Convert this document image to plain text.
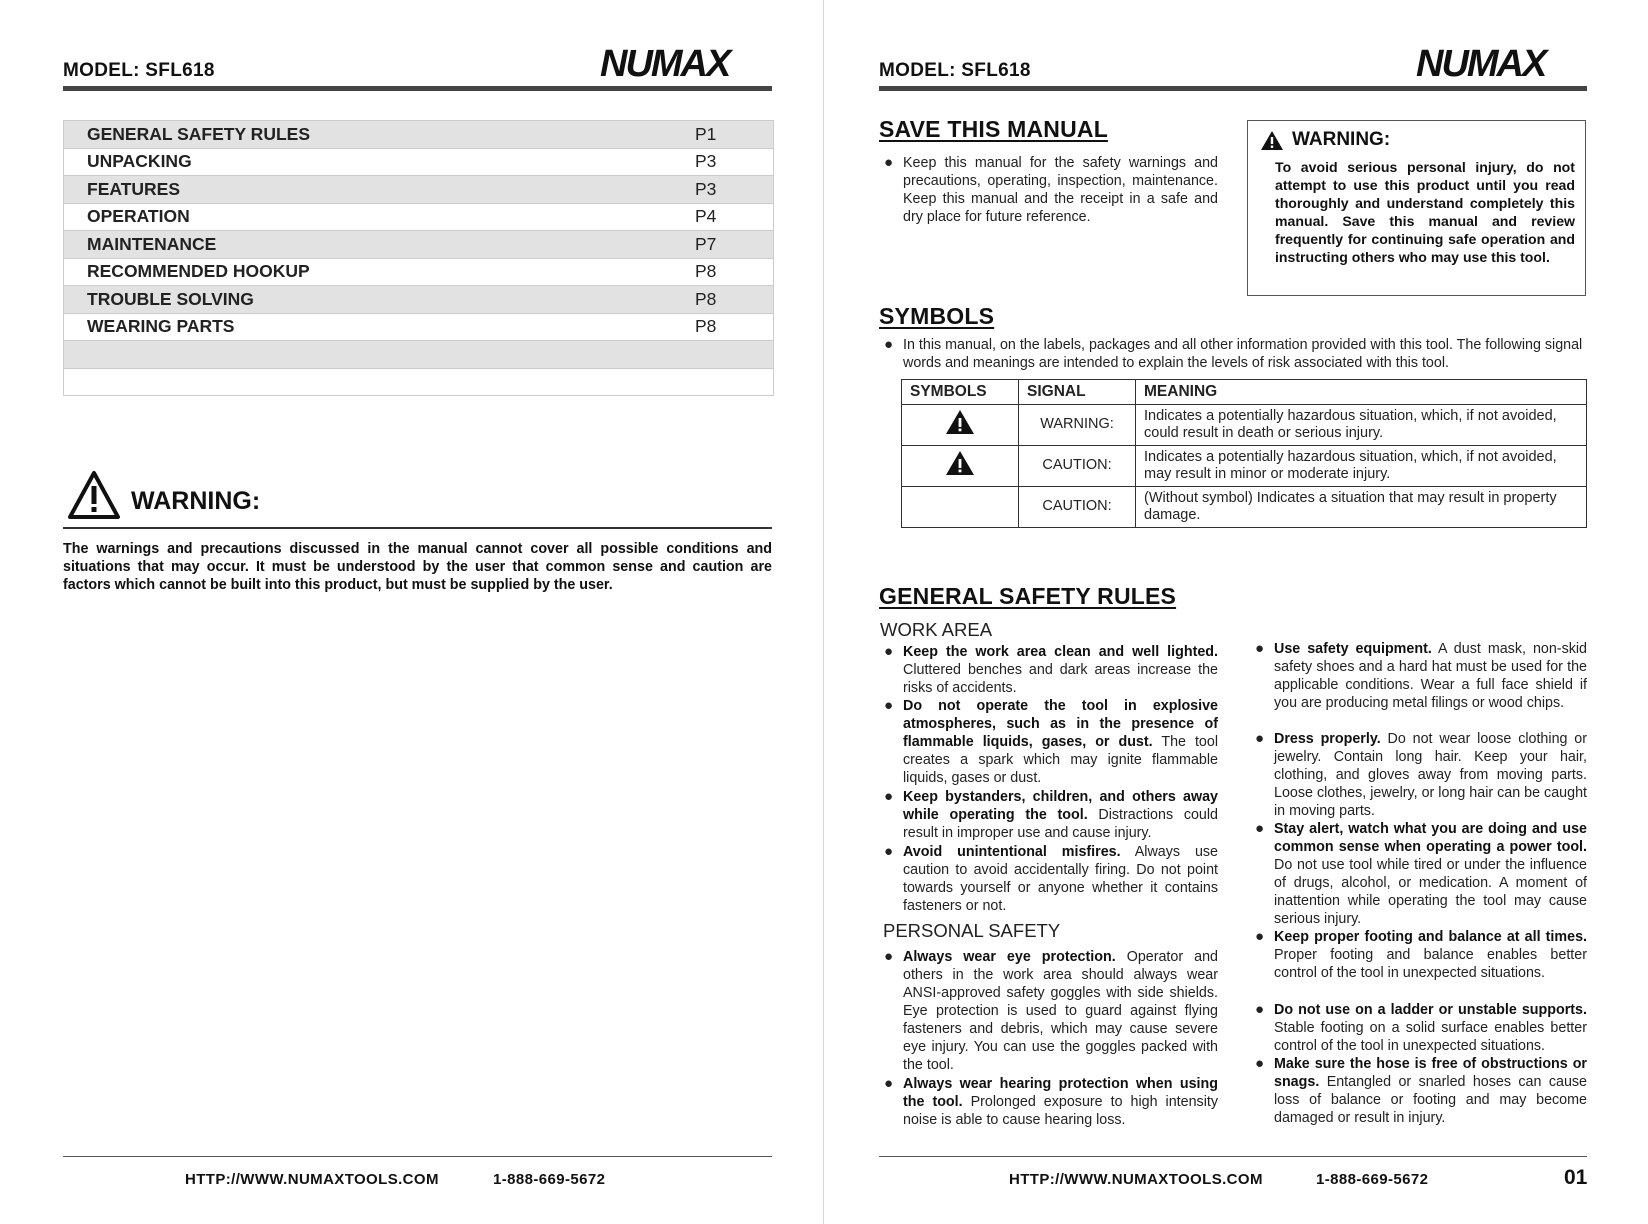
MODEL: SFL618	NUMAX
GENERAL SAFETY RULES	P1
UNPACKING	P3
FEATURES	P3
OPERATION	P4
MAINTENANCE	P7
RECOMMENDED HOOKUP	P8
TROUBLE SOLVING	P8
WEARING PARTS	P8
WARNING:
The warnings and precautions discussed in the manual cannot cover all possible conditions and situations that may occur. It must be understood by the user that common sense and caution are factors which cannot be built into this product, but must be supplied by the user.
HTTP://WWW.NUMAXTOOLS.COM	1-888-669-5672
MODEL: SFL618	NUMAX
HTTP://WWW.NUMAXTOOLS.COM	1-888-669-5672	01
SAVE THIS MANUAL
● Keep this manual for the safety warnings and precautions, operating, inspection, maintenance. Keep this manual and the receipt in a safe and dry place for future reference.
WARNING:
To avoid serious personal injury, do not attempt to use this product until you read thoroughly and understand completely this manual. Save this manual and review frequently for continuing safe operation and instructing others who may use this tool.
SYMBOLS
● In this manual, on the labels, packages and all other information provided with this tool. The following signal words and meanings are intended to explain the levels of risk associated with this tool.
SYMBOLS	SIGNAL	MEANING
	WARNING:	Indicates a potentially hazardous situation, which, if not avoided, could result in death or serious injury.
	CAUTION:	Indicates a potentially hazardous situation, which, if not avoided, may result in minor or moderate injury.
	CAUTION:	(Without symbol) Indicates a situation that may result in property damage.
GENERAL SAFETY RULES
WORK AREA
● Keep the work area clean and well lighted. Cluttered benches and dark areas increase the risks of accidents.
● Do not operate the tool in explosive atmospheres, such as in the presence of flammable liquids, gases, or dust. The tool creates a spark which may ignite flammable liquids, gases or dust.
● Keep bystanders, children, and others away while operating the tool. Distractions could result in improper use and cause injury.
● Avoid unintentional misfires. Always use caution to avoid accidentally firing. Do not point towards yourself or anyone whether it contains fasteners or not.
PERSONAL SAFETY
● Always wear eye protection. Operator and others in the work area should always wear ANSI-approved safety goggles with side shields. Eye protection is used to guard against flying fasteners and debris, which may cause severe eye injury. You can use the goggles packed with the tool.
● Always wear hearing protection when using the tool. Prolonged exposure to high intensity noise is able to cause hearing loss.
● Use safety equipment. A dust mask, non-skid safety shoes and a hard hat must be used for the applicable conditions. Wear a full face shield if you are producing metal filings or wood chips.
● Dress properly. Do not wear loose clothing or jewelry. Contain long hair. Keep your hair, clothing, and gloves away from moving parts. Loose clothes, jewelry, or long hair can be caught in moving parts.
● Stay alert, watch what you are doing and use common sense when operating a power tool. Do not use tool while tired or under the influence of drugs, alcohol, or medication. A moment of inattention while operating the tool may cause serious injury.
● Keep proper footing and balance at all times. Proper footing and balance enables better control of the tool in unexpected situations.
● Do not use on a ladder or unstable supports. Stable footing on a solid surface enables better control of the tool in unexpected situations.
● Make sure the hose is free of obstructions or snags. Entangled or snarled hoses can cause loss of balance or footing and may become damaged or result in injury.
